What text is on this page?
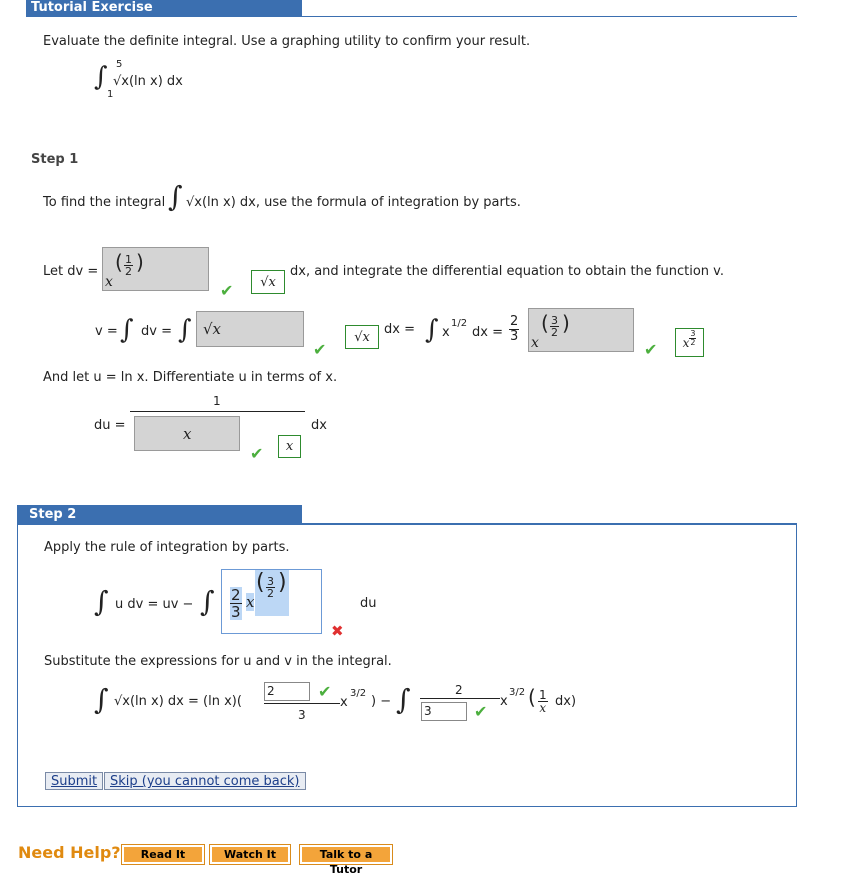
Tutorial Exercise
Evaluate the definite integral. Use a graphing utility to confirm your result.
∫ 5
1
√x(ln x) dx
Step 1
To find the integral ∫ √x(ln x) dx, use the formula of integration by parts.
Let dv =
x
( $\frac{1}{2}$ )
✔	√x
dx, and integrate the differential equation to obtain the function v.
v = ∫ dv = ∫ √x
✔
√x	dx = ∫ x
1/2
dx = $\frac{2}{3}$ x
( $\frac{3}{2}$ )
✔ x $\frac{3}{2}$
And let u = ln x. Differentiate u in terms of x.
du =
1
x
✔	x
dx
Step 2
Apply the rule of integration by parts.
∫ u dv = uv − ∫ $\frac{2}{3}$ x
( $\frac{3}{2}$ )
du
✖
Substitute the expressions for u and v in the integral.
∫ √x(ln x) dx = (ln x)(
2	✔
3
x
3/2
) − ∫	2
3	✔
x
3/2 ( $\frac{1}{x} dx$)
Submit Skip (you cannot come back)
Need Help?	Read It	Watch It	Talk to a Tutor
